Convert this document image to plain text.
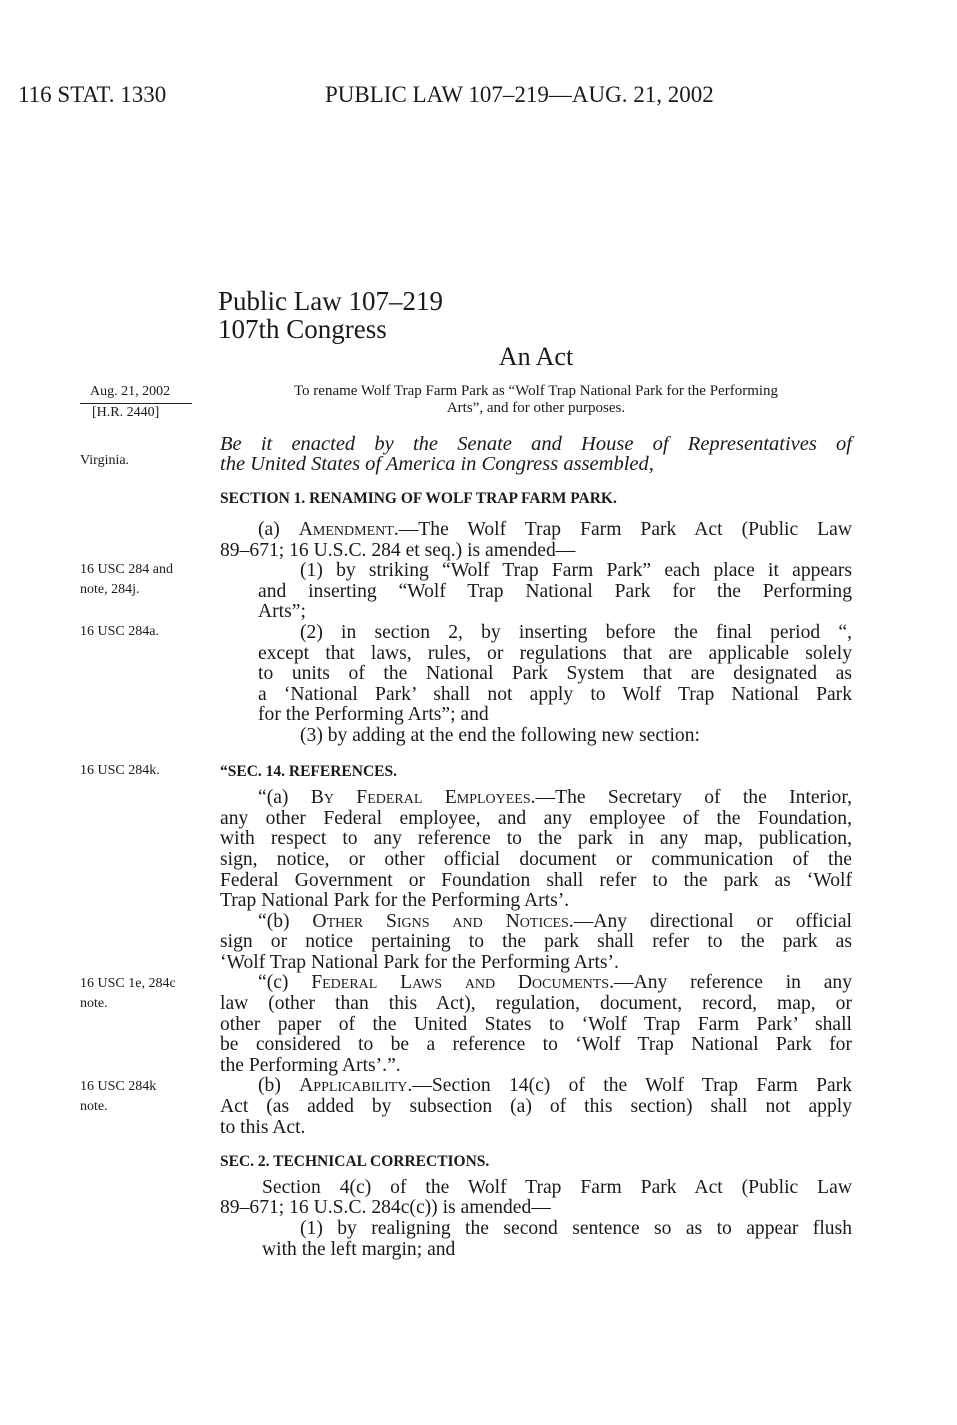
116 STAT. 1330	PUBLIC LAW 107–219—AUG. 21, 2002
Public Law 107–219
107th Congress
An Act
To rename Wolf Trap Farm Park as “Wolf Trap National Park for the Performing
Arts”, and for other purposes.
Be it enacted by the Senate and House of Representatives of
the United States of America in Congress assembled,
Aug. 21, 2002
[H.R. 2440]
Virginia.
16 USC 284 and
note, 284j.
16 USC 284a.
16 USC 284k.
16 USC 1e, 284c
note.
16 USC 284k
note.
SECTION 1. RENAMING OF WOLF TRAP FARM PARK.
(a) Amendment.—The Wolf Trap Farm Park Act (Public Law
89–671; 16 U.S.C. 284 et seq.) is amended—
(1) by striking “Wolf Trap Farm Park” each place it appears
and inserting “Wolf Trap National Park for the Performing
Arts”;
(2) in section 2, by inserting before the final period “,
except that laws, rules, or regulations that are applicable solely
to units of the National Park System that are designated as
a ‘National Park’ shall not apply to Wolf Trap National Park
for the Performing Arts”; and
(3) by adding at the end the following new section:
“SEC. 14. REFERENCES.
“(a) By Federal Employees.—The Secretary of the Interior,
any other Federal employee, and any employee of the Foundation,
with respect to any reference to the park in any map, publication,
sign, notice, or other official document or communication of the
Federal Government or Foundation shall refer to the park as ‘Wolf
Trap National Park for the Performing Arts’.
“(b) Other Signs and Notices.—Any directional or official
sign or notice pertaining to the park shall refer to the park as
‘Wolf Trap National Park for the Performing Arts’.
“(c) Federal Laws and Documents.—Any reference in any
law (other than this Act), regulation, document, record, map, or
other paper of the United States to ‘Wolf Trap Farm Park’ shall
be considered to be a reference to ‘Wolf Trap National Park for
the Performing Arts’.”.
(b) Applicability.—Section 14(c) of the Wolf Trap Farm Park
Act (as added by subsection (a) of this section) shall not apply
to this Act.
SEC. 2. TECHNICAL CORRECTIONS.
Section 4(c) of the Wolf Trap Farm Park Act (Public Law
89–671; 16 U.S.C. 284c(c)) is amended—
(1) by realigning the second sentence so as to appear flush
with the left margin; and
